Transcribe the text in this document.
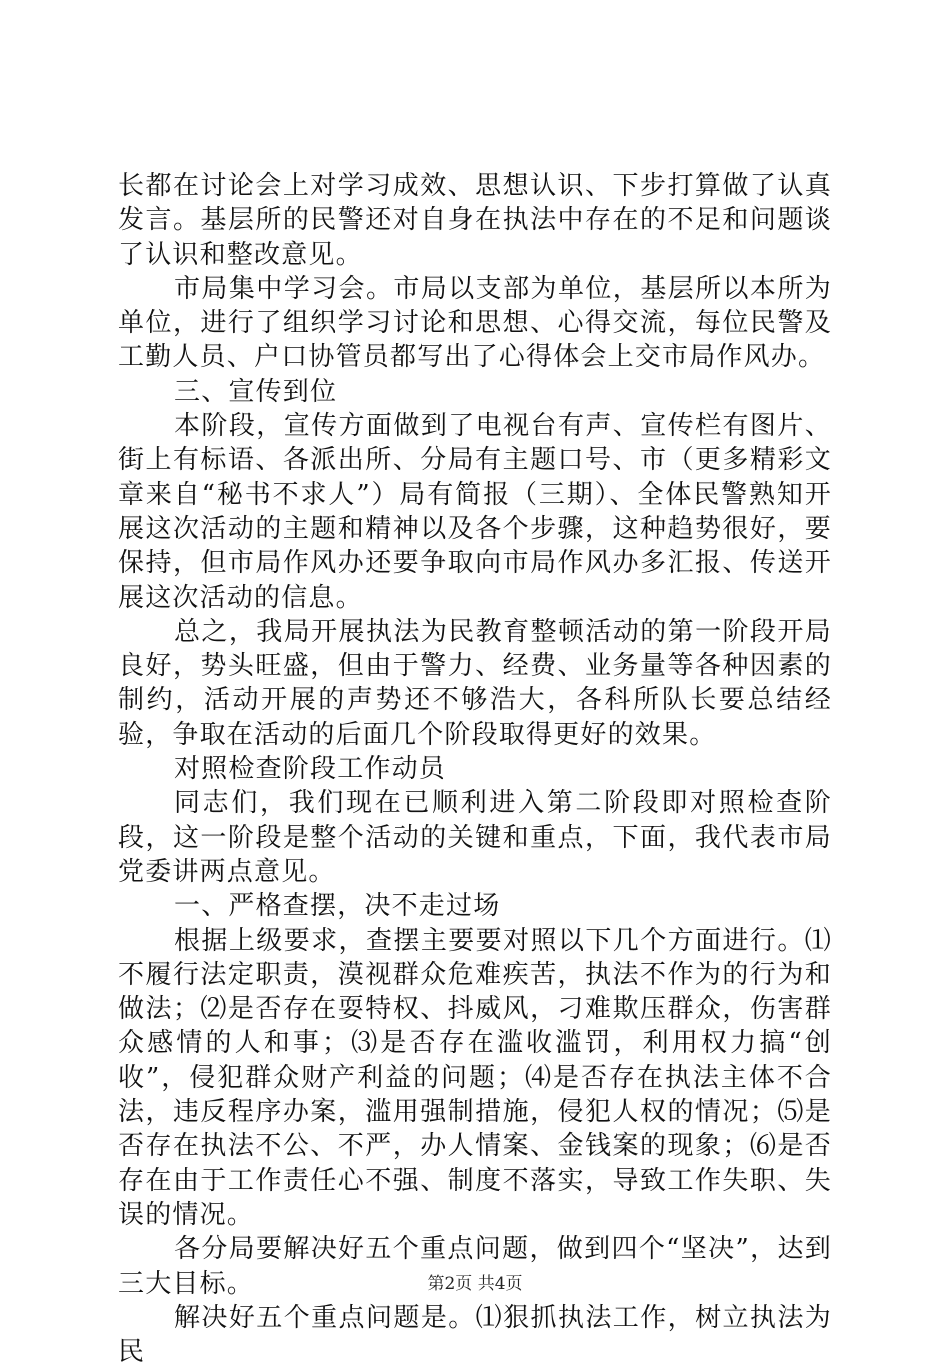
长都在讨论会上对学习成效、思想认识、下步打算做了认真发言。基层所的民警还对自身在执法中存在的不足和问题谈了认识和整改意见。

市局集中学习会。市局以支部为单位，基层所以本所为单位，进行了组织学习讨论和思想、心得交流，每位民警及工勤人员、户口协管员都写出了心得体会上交市局作风办。

三、宣传到位

本阶段，宣传方面做到了电视台有声、宣传栏有图片、街上有标语、各派出所、分局有主题口号、市（更多精彩文章来自“秘书不求人”）局有简报（三期）、全体民警熟知开展这次活动的主题和精神以及各个步骤，这种趋势很好，要保持，但市局作风办还要争取向市局作风办多汇报、传送开展这次活动的信息。

总之，我局开展执法为民教育整顿活动的第一阶段开局良好，势头旺盛，但由于警力、经费、业务量等各种因素的制约，活动开展的声势还不够浩大，各科所队长要总结经验，争取在活动的后面几个阶段取得更好的效果。

对照检查阶段工作动员

同志们，我们现在已顺利进入第二阶段即对照检查阶段，这一阶段是整个活动的关键和重点，下面，我代表市局党委讲两点意见。

一、严格查摆，决不走过场

根据上级要求，查摆主要要对照以下几个方面进行。⑴不履行法定职责，漠视群众危难疾苦，执法不作为的行为和做法；⑵是否存在耍特权、抖威风，刁难欺压群众，伤害群众感情的人和事；⑶是否存在滥收滥罚，利用权力搞“创收”，侵犯群众财产利益的问题；⑷是否存在执法主体不合法，违反程序办案，滥用强制措施，侵犯人权的情况；⑸是否存在执法不公、不严，办人情案、金钱案的现象；⑹是否存在由于工作责任心不强、制度不落实，导致工作失职、失误的情况。

各分局要解决好五个重点问题，做到四个“坚决”，达到三大目标。

解决好五个重点问题是。⑴狠抓执法工作，树立执法为民

第2页 共4页
